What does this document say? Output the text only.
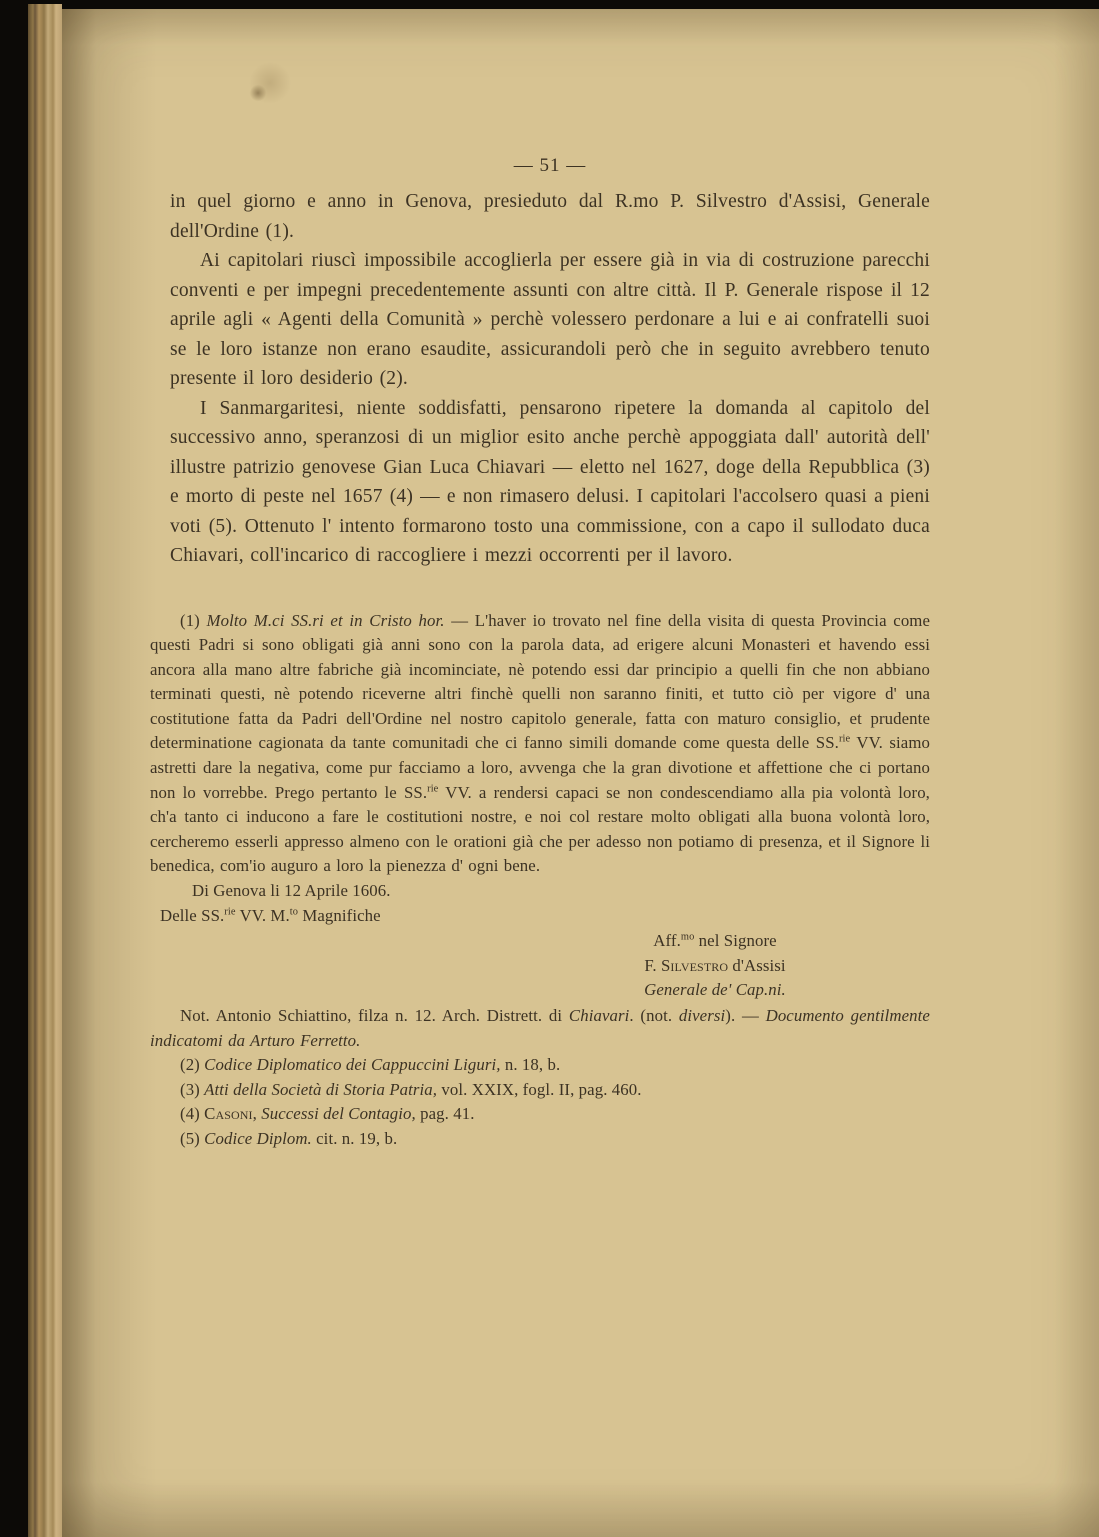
— 51 —

in quel giorno e anno in Genova, presieduto dal R.mo P. Silvestro d'Assisi, Generale dell'Ordine (1).

Ai capitolari riuscì impossibile accoglierla per essere già in via di costruzione parecchi conventi e per impegni precedentemente assunti con altre città. Il P. Generale rispose il 12 aprile agli « Agenti della Comunità » perchè volessero perdonare a lui e ai confratelli suoi se le loro istanze non erano esaudite, assicurandoli però che in seguito avrebbero tenuto presente il loro desiderio (2).

I Sanmargaritesi, niente soddisfatti, pensarono ripetere la domanda al capitolo del successivo anno, speranzosi di un miglior esito anche perchè appoggiata dall' autorità dell' illustre patrizio genovese Gian Luca Chiavari — eletto nel 1627, doge della Repubblica (3) e morto di peste nel 1657 (4) — e non rimasero delusi. I capitolari l'accolsero quasi a pieni voti (5). Ottenuto l' intento formarono tosto una commissione, con a capo il sullodato duca Chiavari, coll'incarico di raccogliere i mezzi occorrenti per il lavoro.

(1) Molto M.ci SS.ri et in Cristo hor. — L'haver io trovato nel fine della visita di questa Provincia come questi Padri si sono obligati già anni sono con la parola data, ad erigere alcuni Monasteri et havendo essi ancora alla mano altre fabriche già incominciate, nè potendo essi dar principio a quelli fin che non abbiano terminati questi, nè potendo riceverne altri finchè quelli non saranno finiti, et tutto ciò per vigore d' una costitutione fatta da Padri dell'Ordine nel nostro capitolo generale, fatta con maturo consiglio, et prudente determinatione cagionata da tante comunitadi che ci fanno simili domande come questa delle SS.$^{rie}$ VV. siamo astretti dare la negativa, come pur facciamo a loro, avvenga che la gran divotione et affettione che ci portano non lo vorrebbe. Prego pertanto le SS.$^{rie}$ VV. a rendersi capaci se non condescendiamo alla pia volontà loro, ch'a tanto ci inducono a fare le costitutioni nostre, e noi col restare molto obligati alla buona volontà loro, cercheremo esserli appresso almeno con le orationi già che per adesso non potiamo di presenza, et il Signore li benedica, com'io auguro a loro la pienezza d' ogni bene.

Di Genova li 12 Aprile 1606.

Delle SS.$^{rie}$ VV. M.$^{to}$ Magnifiche

Aff.$^{mo}$ nel Signore

F. Silvestro d'Assisi

Generale de' Cap.ni.

Not. Antonio Schiattino, filza n. 12. Arch. Distrett. di Chiavari. (not. diversi). — Documento gentilmente indicatomi da Arturo Ferretto.

(2) Codice Diplomatico dei Cappuccini Liguri, n. 18, b.

(3) Atti della Società di Storia Patria, vol. XXIX, fogl. II, pag. 460.

(4) Casoni, Successi del Contagio, pag. 41.

(5) Codice Diplom. cit. n. 19, b.
